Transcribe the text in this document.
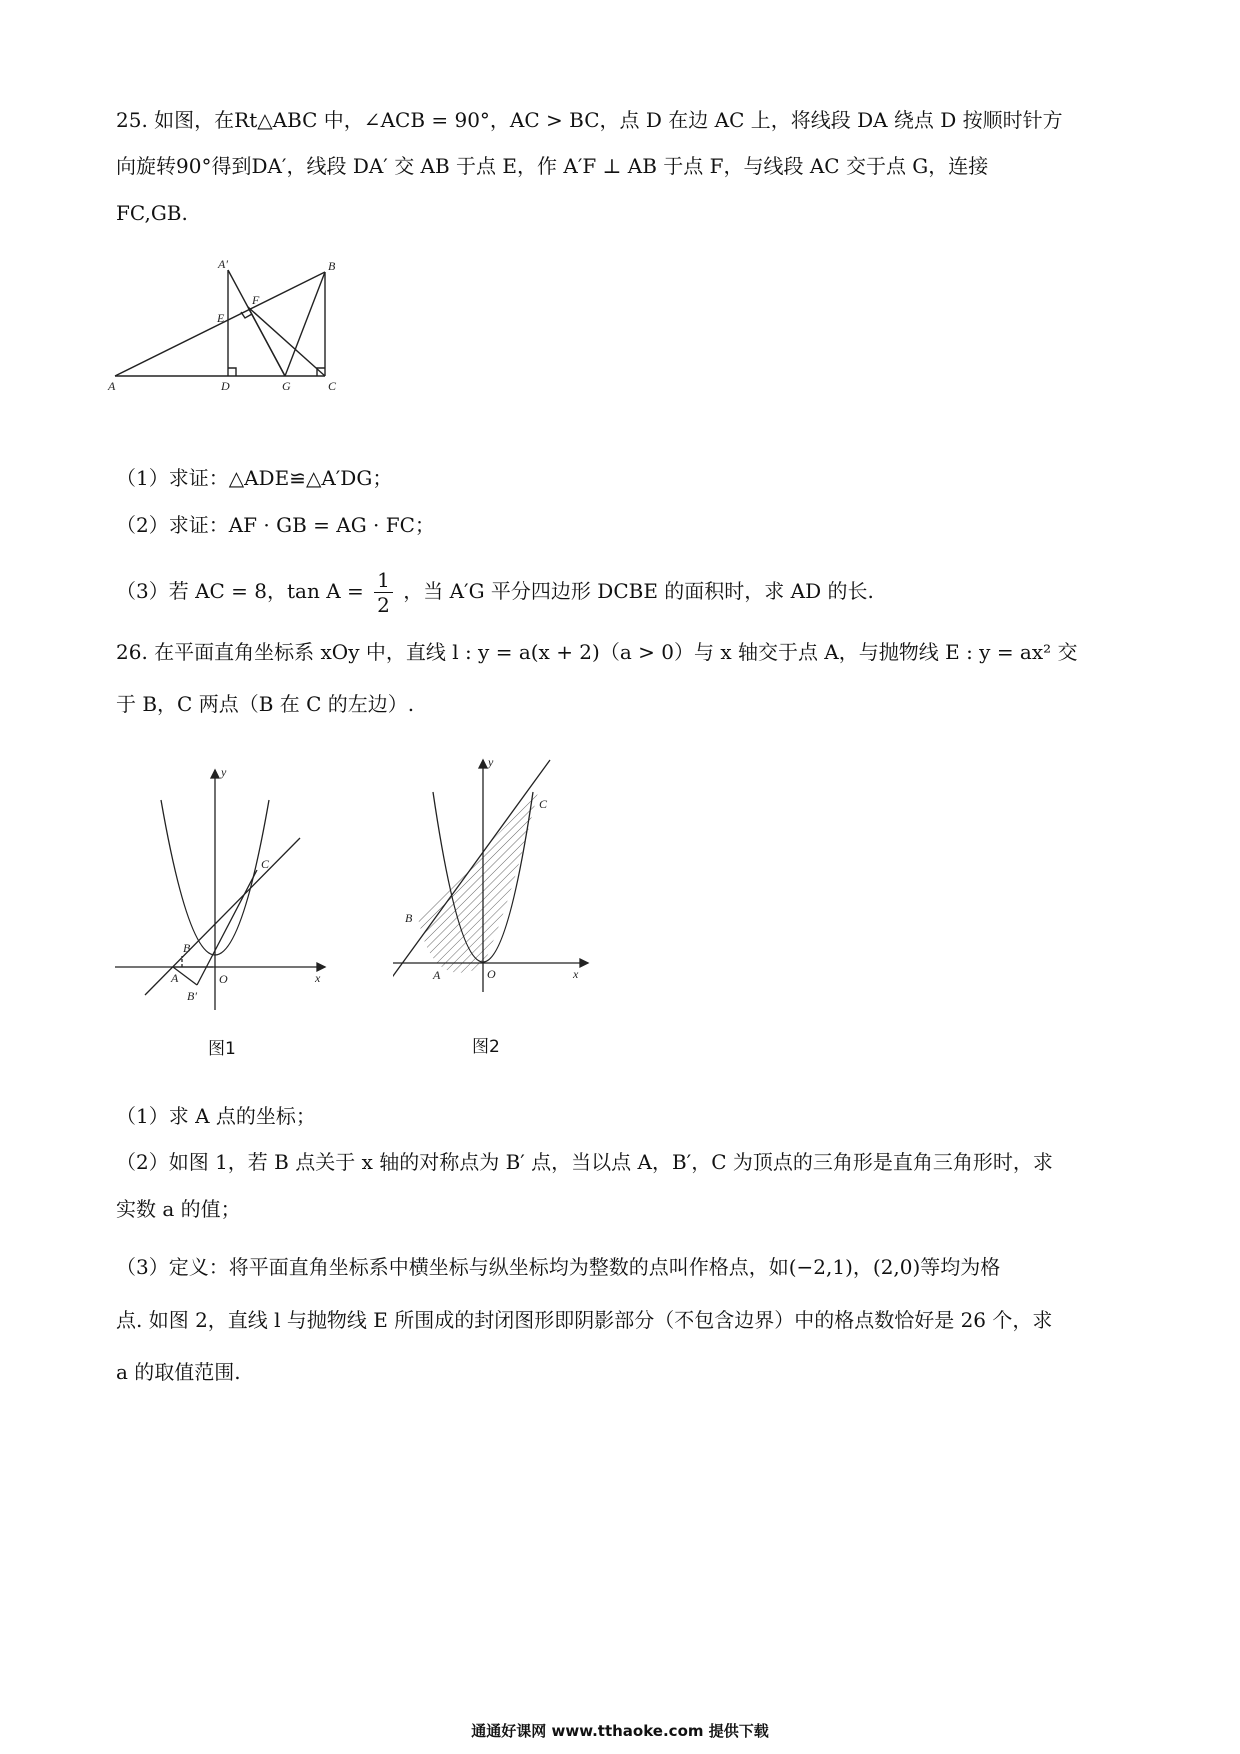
25. 如图，在Rt△ABC 中，∠ACB = 90°，AC > BC，点 D 在边 AC 上，将线段 DA 绕点 D 按顺时针方
向旋转90°得到DA′，线段 DA′ 交 AB 于点 E，作 A′F ⊥ AB 于点 F，与线段 AC 交于点 G，连接
FC,GB.
A′	B
F
E
A	D	G	C
（1）求证：△ADE≌△A′DG；
（2）求证：AF · GB = AG · FC；
（3）若 AC = 8，$\tan A = \frac{1}{2}$ ，当 A′G 平分四边形 DCBE 的面积时，求 AD 的长.
26. 在平面直角坐标系 xOy 中，直线 l : y = a(x + 2)（a > 0）与 x 轴交于点 A，与抛物线 E : y = ax² 交
于 B，C 两点（B 在 C 的左边）.
y
x
O
A
B
B′
C
图1
y
x
O
A
B
C
图2
（1）求 A 点的坐标；
（2）如图 1，若 B 点关于 x 轴的对称点为 B′ 点，当以点 A，B′，C 为顶点的三角形是直角三角形时，求
实数 a 的值；
（3）定义：将平面直角坐标系中横坐标与纵坐标均为整数的点叫作格点，如(−2,1)，(2,0)等均为格
点. 如图 2，直线 l 与抛物线 E 所围成的封闭图形即阴影部分（不包含边界）中的格点数恰好是 26 个，求
a 的取值范围.
通通好课网 www.tthaoke.com 提供下载
